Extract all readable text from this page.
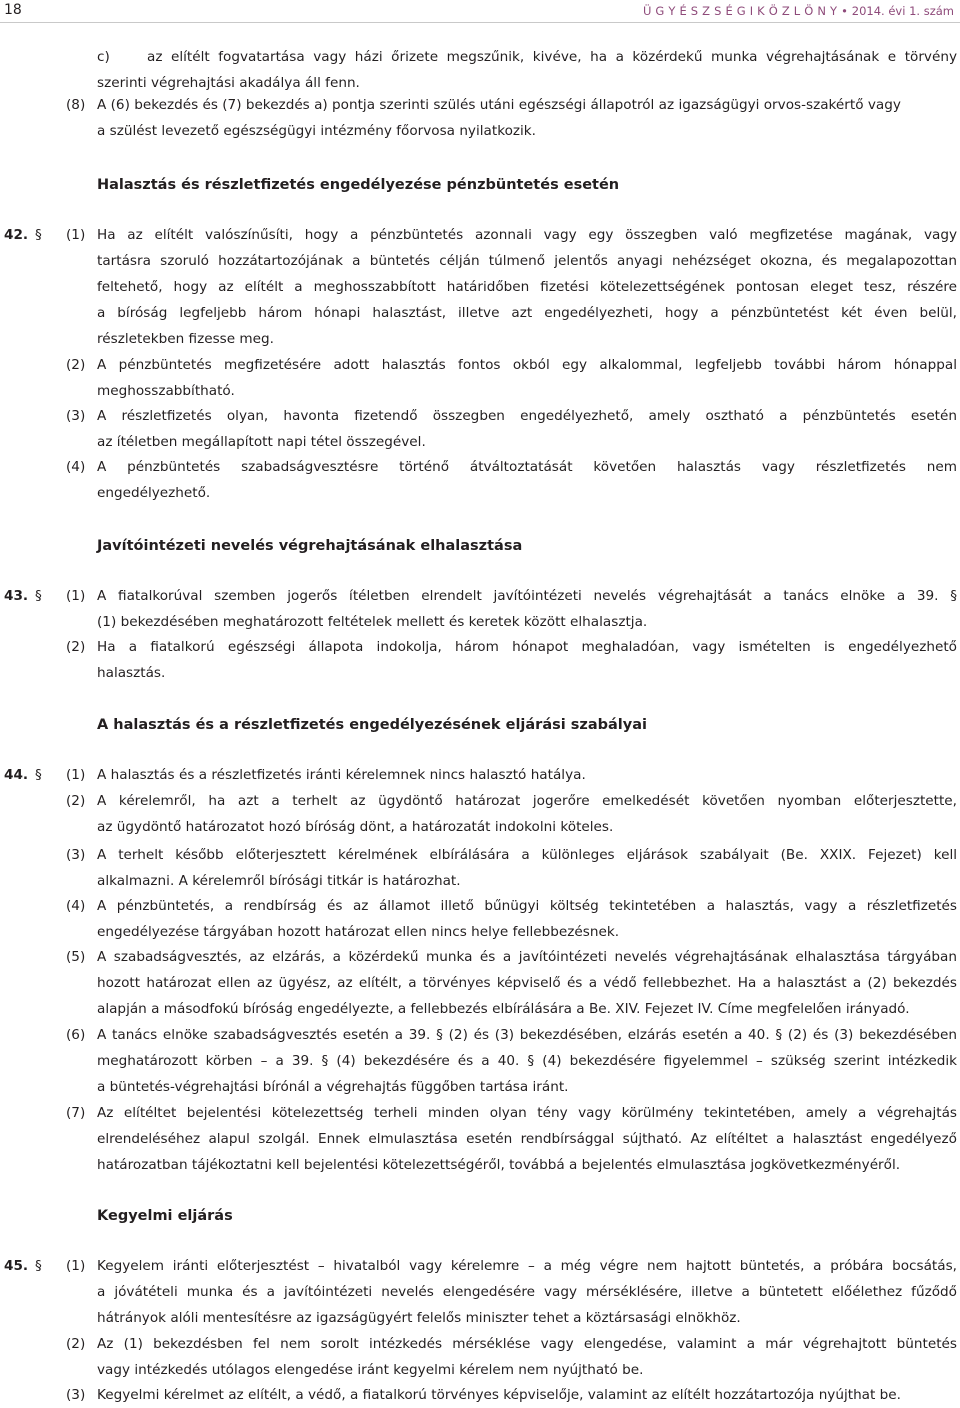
18	Ü G Y É S Z S É G I K Ö Z L Ö N Y • 2014. évi 1. szám
c)	az elítélt fogvatartása vagy házi őrizete megszűnik, kivéve, ha a közérdekű munka végrehajtásának e törvény
szerinti végrehajtási akadálya áll fenn.
(8) A (6) bekezdés és (7) bekezdés a) pontja szerinti szülés utáni egészségi állapotról az igazságügyi orvos-szakértő vagy
a szülést levezető egészségügyi intézmény főorvosa nyilatkozik.
Halasztás és részletfizetés engedélyezése pénzbüntetés esetén
42. § (1) Ha az elítélt valószínűsíti, hogy a pénzbüntetés azonnali vagy egy összegben való megfizetése magának, vagy
tartásra szoruló hozzátartozójának a büntetés célján túlmenő jelentős anyagi nehézséget okozna, és megalapozottan
feltehető, hogy az elítélt a meghosszabbított határidőben fizetési kötelezettségének pontosan eleget tesz, részére
a bíróság legfeljebb három hónapi halasztást, illetve azt engedélyezheti, hogy a pénzbüntetést két éven belül,
részletekben fizesse meg.
(2) A pénzbüntetés megfizetésére adott halasztás fontos okból egy alkalommal, legfeljebb további három hónappal
meghosszabbítható.
(3) A részletfizetés olyan, havonta fizetendő összegben engedélyezhető, amely osztható a pénzbüntetés esetén
az ítéletben megállapított napi tétel összegével.
(4) A pénzbüntetés szabadságvesztésre történő átváltoztatását követően halasztás vagy részletfizetés nem
engedélyezhető.
Javítóintézeti nevelés végrehajtásának elhalasztása
43. § (1) A fiatalkorúval szemben jogerős ítéletben elrendelt javítóintézeti nevelés végrehajtását a tanács elnöke a 39. §
(1) bekezdésében meghatározott feltételek mellett és keretek között elhalasztja.
(2) Ha a fiatalkorú egészségi állapota indokolja, három hónapot meghaladóan, vagy ismételten is engedélyezhető
halasztás.
A halasztás és a részletfizetés engedélyezésének eljárási szabályai
44. § (1) A halasztás és a részletfizetés iránti kérelemnek nincs halasztó hatálya.
(2) A kérelemről, ha azt a terhelt az ügydöntő határozat jogerőre emelkedését követően nyomban előterjesztette,
az ügydöntő határozatot hozó bíróság dönt, a határozatát indokolni köteles.
(3) A terhelt később előterjesztett kérelmének elbírálására a különleges eljárások szabályait (Be. XXIX. Fejezet) kell
alkalmazni. A kérelemről bírósági titkár is határozhat.
(4) A pénzbüntetés, a rendbírság és az államot illető bűnügyi költség tekintetében a halasztás, vagy a részletfizetés
engedélyezése tárgyában hozott határozat ellen nincs helye fellebbezésnek.
(5) A szabadságvesztés, az elzárás, a közérdekű munka és a javítóintézeti nevelés végrehajtásának elhalasztása tárgyában
hozott határozat ellen az ügyész, az elítélt, a törvényes képviselő és a védő fellebbezhet. Ha a halasztást a (2) bekezdés
alapján a másodfokú bíróság engedélyezte, a fellebbezés elbírálására a Be. XIV. Fejezet IV. Címe megfelelően irányadó.
(6) A tanács elnöke szabadságvesztés esetén a 39. § (2) és (3) bekezdésében, elzárás esetén a 40. § (2) és (3) bekezdésében
meghatározott körben – a 39. § (4) bekezdésére és a 40. § (4) bekezdésére figyelemmel – szükség szerint intézkedik
a büntetés-végrehajtási bírónál a végrehajtás függőben tartása iránt.
(7) Az elítéltet bejelentési kötelezettség terheli minden olyan tény vagy körülmény tekintetében, amely a végrehajtás
elrendeléséhez alapul szolgál. Ennek elmulasztása esetén rendbírsággal sújtható. Az elítéltet a halasztást engedélyező
határozatban tájékoztatni kell bejelentési kötelezettségéről, továbbá a bejelentés elmulasztása jogkövetkezményéről.
Kegyelmi eljárás
45. § (1) Kegyelem iránti előterjesztést – hivatalból vagy kérelemre – a még végre nem hajtott büntetés, a próbára bocsátás,
a jóvátételi munka és a javítóintézeti nevelés elengedésére vagy mérséklésére, illetve a büntetett előélethez fűződő
hátrányok alóli mentesítésre az igazságügyért felelős miniszter tehet a köztársasági elnökhöz.
(2) Az (1) bekezdésben fel nem sorolt intézkedés mérséklése vagy elengedése, valamint a már végrehajtott büntetés
vagy intézkedés utólagos elengedése iránt kegyelmi kérelem nem nyújtható be.
(3) Kegyelmi kérelmet az elítélt, a védő, a fiatalkorú törvényes képviselője, valamint az elítélt hozzátartozója nyújthat be.
